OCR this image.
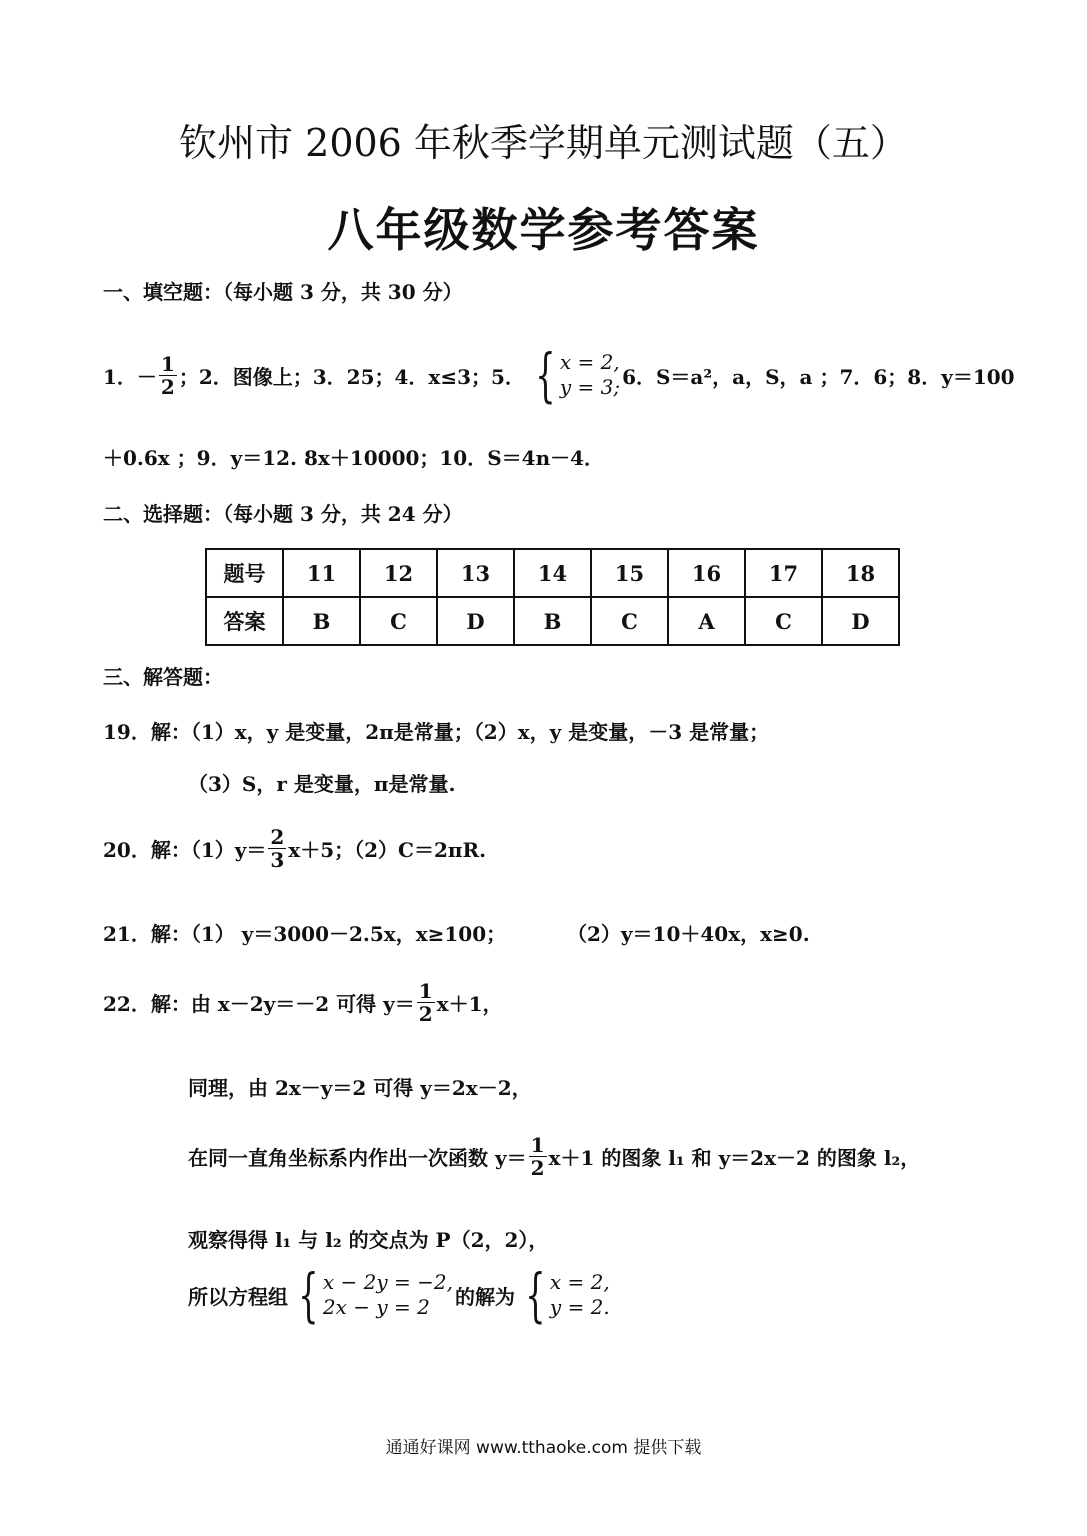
钦州市 2006 年秋季学期单元测试题（五）
八年级数学参考答案
一、填空题：（每小题 3 分，共 30 分）
1．－ $\frac{1}{2}$ ；2．图像上；3．25；4．x≤3；5． { x = 2,
y = 3; 6．S＝a²，a，S，a ；7．6；8．y＝100
＋0.6x ；9．y＝12. 8x＋10000；10．S＝4n－4．
二、选择题：（每小题 3 分，共 24 分）
题号	11	12	13	14	15	16	17	18
答案	B	C	D	B	C	A	C	D
三、解答题：
19．解：（1）x，y 是变量，2π是常量；（2）x，y 是变量，－3 是常量；
（3）S，r 是变量，π是常量.
20．解：$(1)y= \frac{2}{3} x+5$；（2）C＝2πR.
21．解：（1） y＝3000－2.5x，x≥100；	（2）y＝10＋40x，x≥0.
22．解：由 x－2y＝－2 可得 $y= \frac{1}{2} x+1$，
同理，由 2x－y＝2 可得 y＝2x－2，
在同一直角坐标系内作出一次函数 $y= \frac{1}{2} x+1$ 的图象 l₁ 和 y＝2x－2 的图象 l₂，
观察得得 l₁ 与 l₂ 的交点为 P（2，2），
所以方程组 { x − 2y = −2,
2x − y = 2	的解为 { x = 2,
y = 2.
通通好课网 www.tthaoke.com 提供下载
